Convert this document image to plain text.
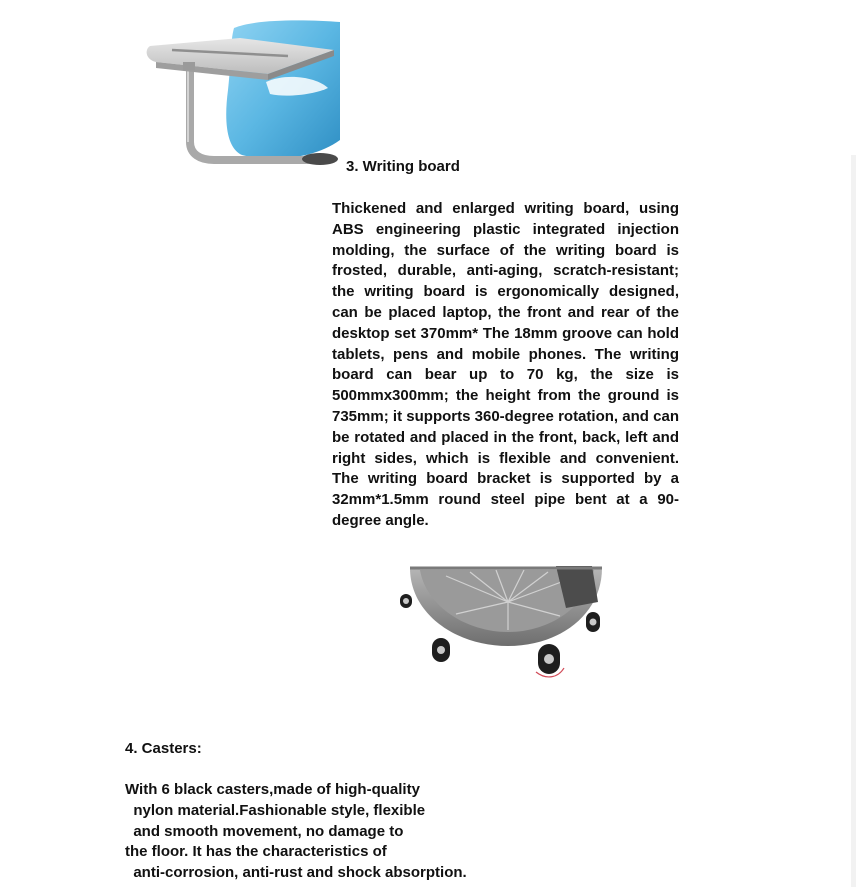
3. Writing board

Thickened and enlarged writing board, using ABS engineering plastic integrated injection molding, the surface of the writing board is frosted, durable, anti-aging, scratch-resistant; the writing board is ergonomically designed, can be placed laptop, the front and rear of the desktop set 370mm* The 18mm groove can hold tablets, pens and mobile phones. The writing board can bear up to 70 kg, the size is 500mmx300mm; the height from the ground is 735mm; it supports 360-degree rotation, and can be rotated and placed in the front, back, left and right sides, which is flexible and convenient. The writing board bracket is supported by a 32mm*1.5mm round steel pipe bent at a 90-degree angle.

4. Casters:

With 6 black casters,made of high-quality
nylon material.Fashionable style, flexible
and smooth movement, no damage to
the floor. It has the characteristics of
anti-corrosion, anti-rust and shock absorption.
